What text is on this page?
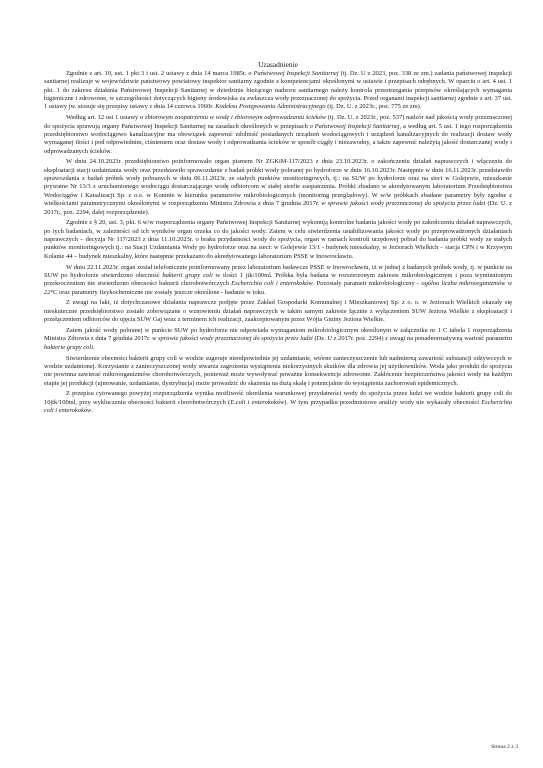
Uzasadnienie

Zgodnie z art. 10, ust. 1 pkt 3 i ust. 2 ustawy z dnia 14 marca 1985r. o Państwowej Inspekcji Sanitarnej (tj. Dz. U z 2023, poz. 338 ze zm.) zadania państwowej inspekcji sanitarnej realizuje w województwie państwowy powiatowy inspektor sanitarny zgodnie z kompetencjami określonymi w ustawie i przepisach odrębnych. W oparciu o art. 4 ust. 1 pkt. 1 do zakresu działania Państwowej Inspekcji Sanitarnej w dziedzinie bieżącego nadzoru sanitarnego należy kontrola przestrzegania przepisów określających wymagania higieniczne i zdrowotne, w szczególności dotyczących higieny środowiska za zwłaszcza wody przeznaczonej do spożycia. Przed organami inspekcji sanitarnej zgodnie z art. 37 ust. 1 ustawy jw. stosuje się przepisy ustawy z dnia 14 czerwca 1960r. Kodeksu Postępowania Administracyjnego (tj. Dz. U. z 2023r., poz. 775 ze zm).

Według art. 12 ust 1 ustawy o zbiorowym zaopatrzeniu w wodę i zbiorowym odprowadzaniu ścieków (tj. Dz. U. z 2023r., poz. 537) nadzór nad jakością wody przeznaczonej do spożycia sprawują organy Państwowej Inspekcji Sanitarnej na zasadach określonych w przepisach o Państwowej Inspekcji Sanitarnej, a według art. 5 ust. 1 tego rozporządzenia przedsiębiorstwo wodociągowo kanalizacyjne ma obowiązek zapewnić zdolność posiadanych urządzeń wodociągowych i urządzeń kanalizacyjnych do realizacji dostaw wody wymaganej ilości i pod odpowiednim, ciśnieniem oraz dostaw wody i odprowadzania ścieków w sposób ciągły i niezawodny, a także zapewnić należytą jakość dostarczanej wody i odprowadzanych ścieków.

W dniu 24.10.2023r. przedsiębiorstwo poinformowało organ pismem Nr ZGKiM-117/2023 z dnia 23.10.2023r. o zakończeniu działań naprawczych i włączeniu do eksploatacji stacji uzdatniania wody oraz przedstawiło sprawozdanie z badań próbki wody pobranej po hydroforze w dniu 16.10.2023r. Następnie w dniu 16.11.2023r. przedstawiło sprawozdania z badań próbek wody pobranych w dniu 06.11.2023r. ze stałych punktów monitoringowych, tj.: na SUW po hydroforze oraz na sieci w Golejewie, mieszkanie prywatne Nr 13/3 z uruchomionego wodociągu dostarczającego wodę odbiorcom w stałej strefie zaopatrzenia. Próbki zbadano w akredytowanym laboratorium Przedsiębiorstwa Wodociągów i Kanalizacji Sp. z o.o. w Koninie w kierunku parametrów mikrobiologicznych (monitoring przeglądowy). W w/w próbkach zbadane parametry były zgodne z wielkościami parametrycznymi określonymi w rozporządzeniu Ministra Zdrowia z dnia 7 grudnia 2017r. w sprawie jakości wody przeznaczonej do spożycia przez ludzi (Dz. U. z 2017r., poz. 2294, dalej rozporządzenie).

Zgodnie z § 20, ust. 3, pkt. 6 w/w rozporządzenia organy Państwowej Inspekcji Sanitarnej wykonują kontrolne badania jakości wody po zakończeniu działań naprawczych, po tych badaniach, w zależności od ich wyników organ orzeka co do jakości wody. Zatem w celu stwierdzenia ustabilizowania jakości wody po przeprowadzonych działaniach naprawczych – decyzja Nr 117/2023 z dnia 11.10.2023r. o braku przydatności wody do spożycia, organ w ramach kontroli urzędowej pobrał do badania próbki wody ze stałych punktów monitoringowych tj.: na Stacji Uzdatniania Wody po hydroforze oraz na sieci: w Golejewie 13/1 - budynek mieszkalny, w Jeziorach Wielkich – stacja CPN i w Krzywym Kolanie 44 – budynek mieszkalny, które następnie przekazano do akredytowanego laboratorium PSSE w Inowrocławiu.

W dniu 22.11.2023r. organ został telefonicznie poinformowany przez laboratorium badawcze PSSE w Inowrocławiu, iż w jednej z badanych próbek wody, tj. w punkcie na SUW po hydroforze stwierdzono obecność bakterii grupy coli w ilości 1 jtk/100ml. Próbka była badana w rozszerzonym zakresie mikrobiologicznym i poza wymienionym przekroczeniem nie stwierdzono obecności bakterii chorobotwórczych Escherichia coli i enterokoków. Pozostały parametr mikrobiologiczny - ogólna liczba mikroorganizmów w 22°C oraz parametry fizykochemiczne nie zostały jeszcze określone - badanie w toku.

Z uwagi na fakt, iż dotychczasowe działania naprawcze podjęte przez Zakład Gospodarki Komunalnej i Mieszkaniowej Sp. z o. o. w Jeziorach Wielkich okazały się nieskuteczne przedsiębiorstwo zostało zobowiązane o wznowieniu działań naprawczych w takim samym zakresie łącznie z wyłączeniem SUW Jeziora Wielkie z eksploatacji i przełączeniem odbiorców do ujęcia SUW Gaj wraz z terminem ich realizacji, zaakceptowanym przez Wójta Gminy Jeziora Wielkie.

Zatem jakość wody pobranej w punkcie SUW po hydroforze nie odpowiada wymaganiom mikrobiologicznym określonym w załączniku nr 1 C tabela 1 rozporządzenia Ministra Zdrowia z dnia 7 grudnia 2017r. w sprawie jakości wody przeznaczonej do spożycia przez ludzi (Dz. U z 2017r. poz. 2294) z uwagi na ponadnormatywną wartość parametru bakterie grupy coli.

Stwierdzenie obecności bakterii grupy coli w wodzie sugeruje nieodpowiednie jej uzdatnianie, wtórne zanieczyszczenie lub nadmierną zawartość substancji odżywczych w wodzie uzdatnionej. Korzystanie z zanieczyszczonej wody stwarza zagrożenia wystąpienia niekorzystnych skutków dla zdrowia jej użytkowników. Woda jako produkt do spożycia nie powinna zawierać mikroorganizmów chorobotwórczych, ponieważ może wywoływać poważne konsekwencje zdrowotne. Zakłócenie bezpieczeństwa jakości wody na każdym etapie jej produkcji (ujmowanie, uzdatnianie, dystrybucja) może prowadzić do skażenia na dużą skalę i potencjalnie do wystąpienia zachorowań epidemicznych.

Z przepisu cytowanego powyżej rozporządzenia wynika możliwość określenia warunkowej przydatności wody do spożycia przez ludzi we wodzie bakterii grupy coli do 10jtk/100ml, przy wykluczeniu obecności bakterii chorobotwórczych (E.coli i enterokoków). W tym przypadku przedmiotowe analizy wody nie wykazały obecności Escherichia coli i enterokoków.

Strona 2 z 3
